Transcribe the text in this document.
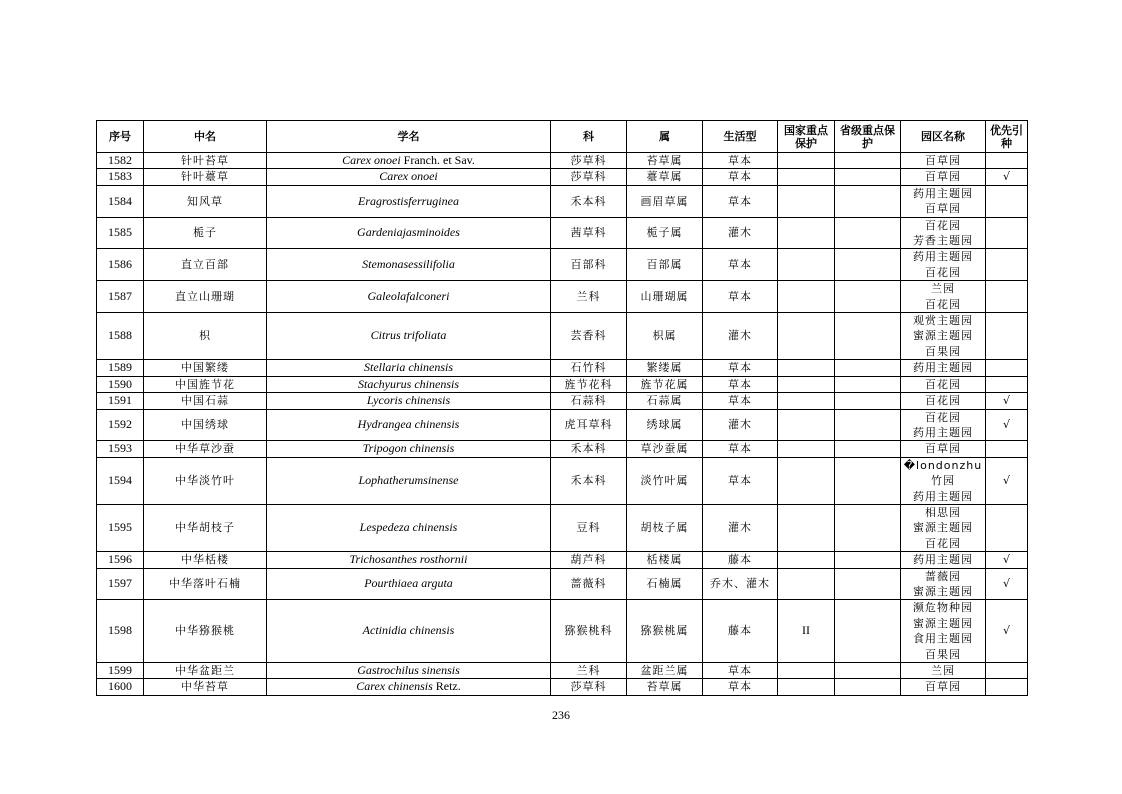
序号	中名	学名	科	属	生活型	国家重点保护	省级重点保护	园区名称	优先引种
1582	针叶苔草	Carex onoei Franch. et Sav.	莎草科	苔草属	草本			百草园	

1583	针叶薹草	Carex onoei	莎草科	薹草属	草本			百草园	√
1584	知风草	Eragrostisferruginea	禾本科	画眉草属	草本			药用主题园
百草园	

1585	栀子	Gardeniajasminoides	茜草科	栀子属	灌木			百花园
芳香主题园	

1586	直立百部	Stemonasessilifolia	百部科	百部属	草本			药用主题园
百花园	

1587	直立山珊瑚	Galeolafalconeri	兰科	山珊瑚属	草本			兰园
百花园	

1588	枳	Citrus trifoliata	芸香科	枳属	灌木			观赏主题园
蜜源主题园
百果园	

1589	中国繁缕	Stellaria chinensis	石竹科	繁缕属	草本			药用主题园	

1590	中国旌节花	Stachyurus chinensis	旌节花科	旌节花属	草本			百花园	

1591	中国石蒜	Lycoris chinensis	石蒜科	石蒜属	草本			百花园	√
1592	中国绣球	Hydrangea chinensis	虎耳草科	绣球属	灌木			百花园
药用主题园	√
1593	中华草沙蚕	Tripogon chinensis	禾本科	草沙蚕属	草本			百草园	

1594	中华淡竹叶	Lophatherumsinense	禾本科	淡竹叶属	草本			�londonzhu竹园
药用主题园	√
1595	中华胡枝子	Lespedeza chinensis	豆科	胡枝子属	灌木			相思园
蜜源主题园
百花园	

1596	中华栝楼	Trichosanthes rosthornii	葫芦科	栝楼属	藤本			药用主题园	√
1597	中华落叶石楠	Pourthiaea arguta	蔷薇科	石楠属	乔木、灌木			蔷薇园
蜜源主题园	√
1598	中华猕猴桃	Actinidia chinensis	猕猴桃科	猕猴桃属	藤本	II		濒危物种园
蜜源主题园
食用主题园
百果园	√
1599	中华盆距兰	Gastrochilus sinensis	兰科	盆距兰属	草本			兰园	

1600	中华苔草	Carex chinensis Retz.	莎草科	苔草属	草本			百草园	

236
